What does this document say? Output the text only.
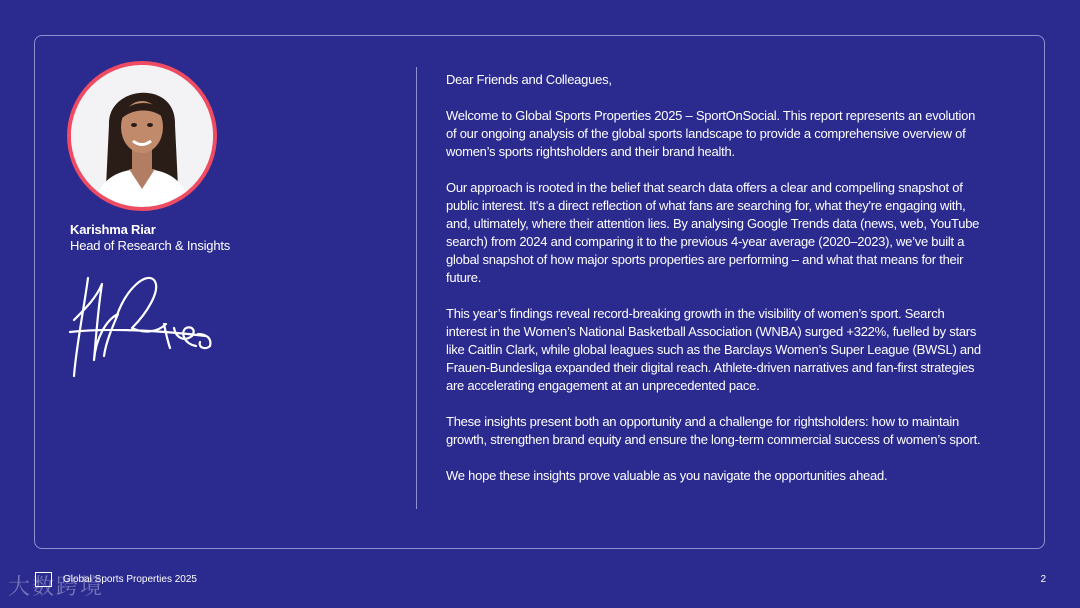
Karishma Riar
Head of Research & Insights

Dear Friends and Colleagues,

Welcome to Global Sports Properties 2025 – SportOnSocial. This report represents an evolution of our ongoing analysis of the global sports landscape to provide a comprehensive overview of women’s sports rightsholders and their brand health.

Our approach is rooted in the belief that search data offers a clear and compelling snapshot of public interest. It's a direct reflection of what fans are searching for, what they're engaging with, and, ultimately, where their attention lies. By analysing Google Trends data (news, web, YouTube search) from 2024 and comparing it to the previous 4-year average (2020–2023), we’ve built a global snapshot of how major sports properties are performing – and what that means for their future.

This year’s findings reveal record-breaking growth in the visibility of women’s sport. Search interest in the Women’s National Basketball Association (WNBA) surged +322%, fuelled by stars like Caitlin Clark, while global leagues such as the Barclays Women’s Super League (BWSL) and Frauen-Bundesliga expanded their digital reach. Athlete-driven narratives and fan-first strategies are accelerating engagement at an unprecedented pace.

These insights present both an opportunity and a challenge for rightsholders: how to maintain growth, strengthen brand equity and ensure the long-term commercial success of women’s sport.

We hope these insights prove valuable as you navigate the opportunities ahead.

大数跨境
Global Sports Properties 2025	2
